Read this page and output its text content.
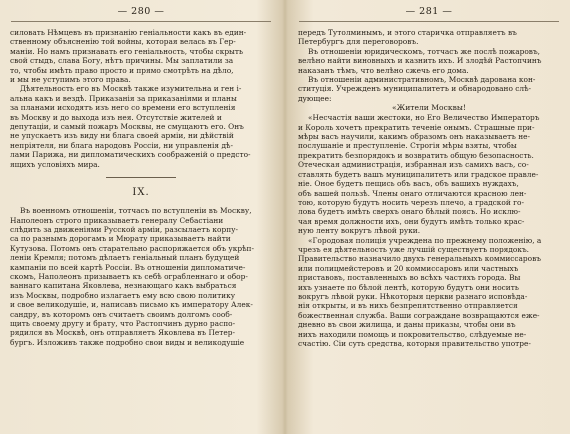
— 280 —
силовать Нѣмцевъ въ признанію геніальности какъ въ един-
ственному объясненію той войны, которая велась въ Гер-
маніи. Но намъ признавать его геніальность, чтобы скрыть
свой стыдъ, слава Богу, нѣтъ причины. Мы заплатили за
то, чтобы имѣть право просто и прямо смотрѣть на дѣло,
и мы не уступимъ этого права.
Дѣятельность его въ Москвѣ также изумительна и ген і-
альна какъ и вездѣ. Приказанія за приказаніями и планы
за планами исходятъ изъ него со времени его вступленія
въ Москву и до выхода изъ нея. Отсутствіе жителей и
депутаціи, и самый пожаръ Москвы, не смущаютъ его. Онъ
не упускаетъ изъ виду ни блага своей арміи, ни дѣйствій
непріятеля, ни блага народовъ Россіи, ни управленія дѣ-
лами Парижа, ни дипломатическихъ соображеній о предсто-
ящихъ условіяхъ мира.
IX.
Въ военномъ отношеніи, тотчасъ по вступленіи въ Москву,
Наполеонъ строго приказываетъ генералу Себастіани
слѣдить за движеніями Русской арміи, разсылаетъ корпу-
са по разнымъ дорогамъ и Мюрату приказываетъ найти
Кутузова. Потомъ онъ старательно распоряжается объ укрѣп-
леніи Кремля; потомъ дѣлаетъ геніальный планъ будущей
кампаніи по всей картѣ Россіи. Въ отношеніи дипломатиче-
скомъ, Наполеонъ призываетъ къ себѣ ограбленнаго и обор-
ваннаго капитана Яковлева, незнающаго какъ выбраться
изъ Москвы, подробно излагаетъ ему всю свою политику
и свое великодушіе, и, написавъ письмо къ императору Алек-
сандру, въ которомъ онъ считаетъ своимъ долгомъ сооб-
щить своему другу и брату, что Растопчинъ дурно распо-
рядился въ Москвѣ, онъ отправляетъ Яковлева въ Петер-
бургъ. Изложивъ также подробно свои виды и великодушіе
— 281 —
передъ Тутолминымъ, и этого старичка отправляетъ въ
Петербургъ для переговоровъ.
Въ отношеніи юридическомъ, тотчасъ же послѣ пожаровъ,
велѣно найти виновныхъ и казнить ихъ. И злодѣй Растопчинъ
наказанъ тѣмъ, что велѣно сжечь его дома.
Въ отношеніи административномъ, Москвѣ дарована кон-
ституція. Учрежденъ муниципалитетъ и обнародовано слѣ-
дующее:
«Жители Москвы!
«Несчастія ваши жестоки, но Его Величество Императоръ
и Король хочетъ прекратить теченіе онымъ. Страшные при-
мѣры васъ научили, какимъ образомъ онъ наказываетъ не-
послушаніе и преступленіе. Строгія мѣры взяты, чтобы
прекратить безпорядокъ и возвратить общую безопасность.
Отеческая администрація, избранная изъ самихъ васъ, со-
ставлять будетъ вашъ муниципалитетъ или градское правле-
ніе. Оное будетъ пещись объ васъ, объ вашихъ нуждахъ,
объ вашей пользѣ. Члены онаго отличаются красною лен-
тою, которую будутъ носить черезъ плечо, а градской го-
лова будетъ имѣть сверхъ онаго бѣлый поясъ. Но исклю-
чая время должности ихъ, они будутъ имѣть только крас-
ную ленту вокругъ лѣвой руки.
«Городовая полиція учреждена по прежнему положенію, а
чрезъ ея дѣятельность уже лучшій существуетъ порядокъ.
Правительство назначило двухъ генеральныхъ коммиссаровъ
или полицмейстеровъ и 20 коммиссаровъ или частныхъ
приставовъ, поставленныхъ во всѣхъ частяхъ города. Вы
ихъ узнаете по бѣлой лентѣ, которую будутъ они носить
вокругъ лѣвой руки. Нѣкоторыя церкви разнаго исповѣда-
нія открыты, и въ нихъ безпрепятственно отправляется
божественная служба. Ваши сограждане возвращаются еже-
дневно въ свои жилища, и даны приказы, чтобы они въ
нихъ находили помощь и покровительство, слѣдуемые не-
счастію. Сіи суть средства, которыя правительство употре-
